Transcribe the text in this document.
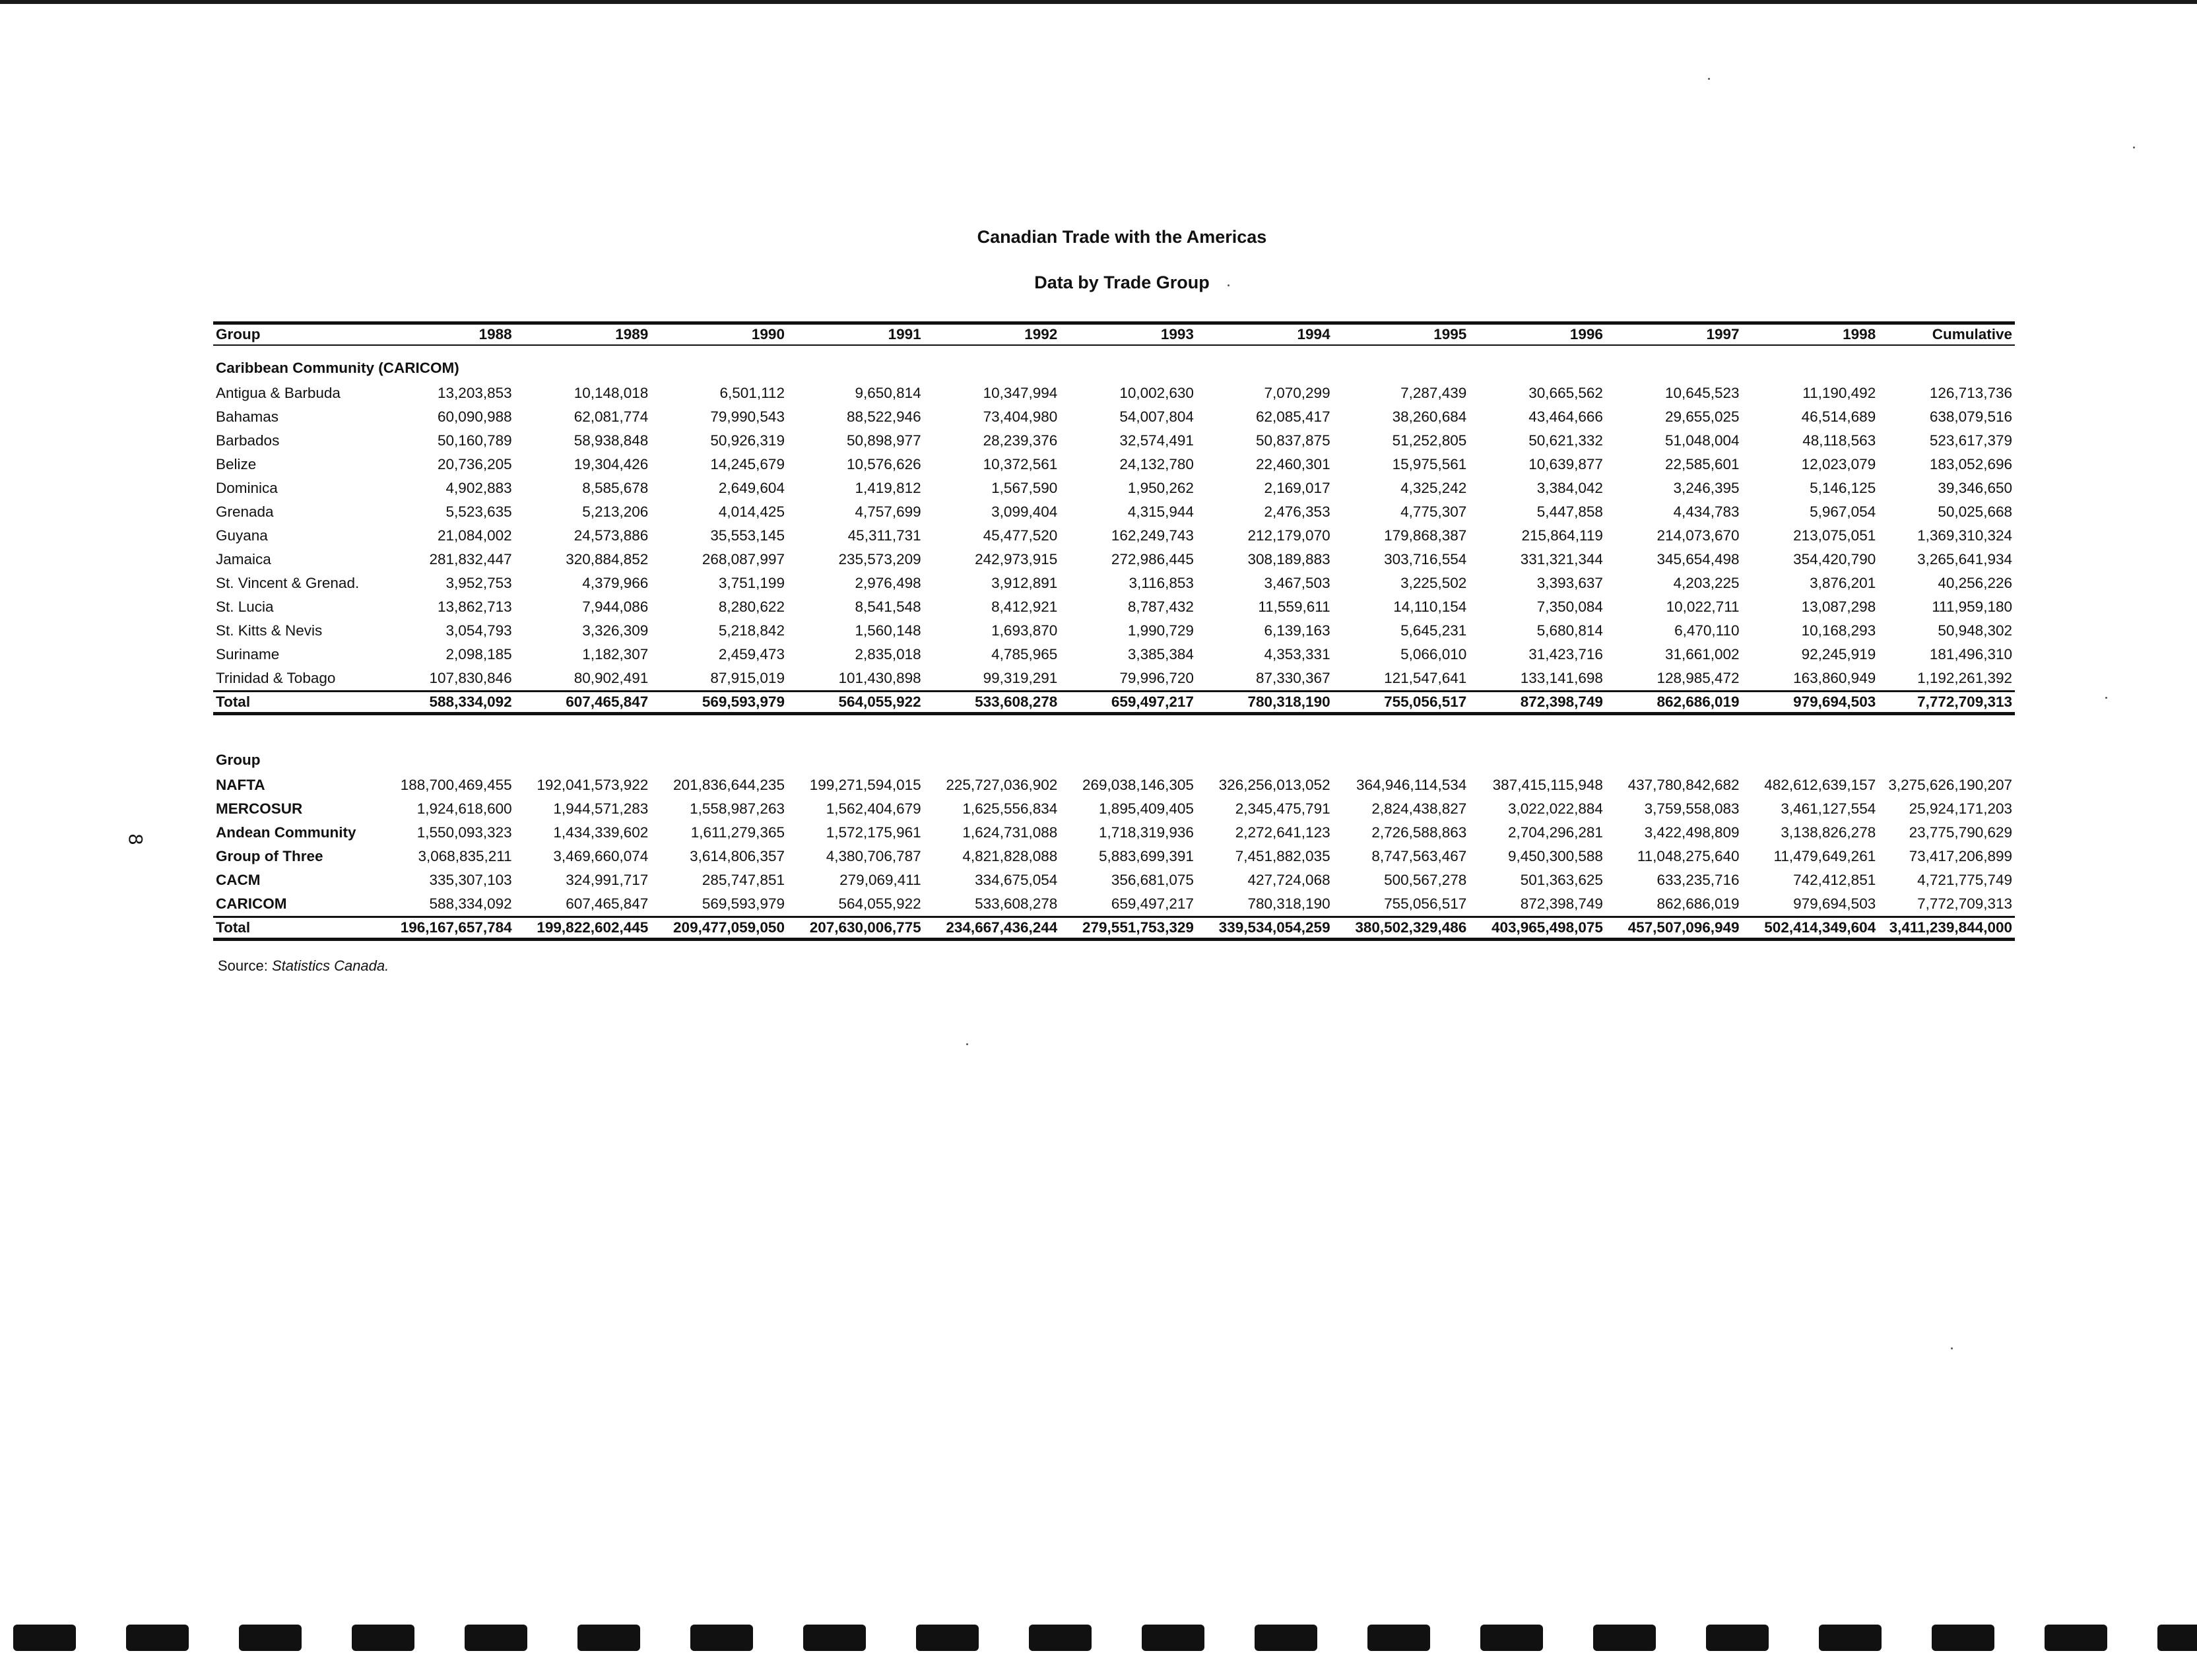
Canadian Trade with the Americas
Data by Trade Group
Group	1988	1989	1990	1991	1992	1993	1994	1995	1996	1997	1998	Cumulative

Caribbean Community (CARICOM)												
Antigua & Barbuda	13,203,853	10,148,018	6,501,112	9,650,814	10,347,994	10,002,630	7,070,299	7,287,439	30,665,562	10,645,523	11,190,492	126,713,736
Bahamas	60,090,988	62,081,774	79,990,543	88,522,946	73,404,980	54,007,804	62,085,417	38,260,684	43,464,666	29,655,025	46,514,689	638,079,516
Barbados	50,160,789	58,938,848	50,926,319	50,898,977	28,239,376	32,574,491	50,837,875	51,252,805	50,621,332	51,048,004	48,118,563	523,617,379
Belize	20,736,205	19,304,426	14,245,679	10,576,626	10,372,561	24,132,780	22,460,301	15,975,561	10,639,877	22,585,601	12,023,079	183,052,696
Dominica	4,902,883	8,585,678	2,649,604	1,419,812	1,567,590	1,950,262	2,169,017	4,325,242	3,384,042	3,246,395	5,146,125	39,346,650
Grenada	5,523,635	5,213,206	4,014,425	4,757,699	3,099,404	4,315,944	2,476,353	4,775,307	5,447,858	4,434,783	5,967,054	50,025,668
Guyana	21,084,002	24,573,886	35,553,145	45,311,731	45,477,520	162,249,743	212,179,070	179,868,387	215,864,119	214,073,670	213,075,051	1,369,310,324
Jamaica	281,832,447	320,884,852	268,087,997	235,573,209	242,973,915	272,986,445	308,189,883	303,716,554	331,321,344	345,654,498	354,420,790	3,265,641,934
St. Vincent & Grenad.	3,952,753	4,379,966	3,751,199	2,976,498	3,912,891	3,116,853	3,467,503	3,225,502	3,393,637	4,203,225	3,876,201	40,256,226
St. Lucia	13,862,713	7,944,086	8,280,622	8,541,548	8,412,921	8,787,432	11,559,611	14,110,154	7,350,084	10,022,711	13,087,298	111,959,180
St. Kitts & Nevis	3,054,793	3,326,309	5,218,842	1,560,148	1,693,870	1,990,729	6,139,163	5,645,231	5,680,814	6,470,110	10,168,293	50,948,302
Suriname	2,098,185	1,182,307	2,459,473	2,835,018	4,785,965	3,385,384	4,353,331	5,066,010	31,423,716	31,661,002	92,245,919	181,496,310
Trinidad & Tobago	107,830,846	80,902,491	87,915,019	101,430,898	99,319,291	79,996,720	87,330,367	121,547,641	133,141,698	128,985,472	163,860,949	1,192,261,392
Total	588,334,092	607,465,847	569,593,979	564,055,922	533,608,278	659,497,217	780,318,190	755,056,517	872,398,749	862,686,019	979,694,503	7,772,709,313
Group												
NAFTA	188,700,469,455	192,041,573,922	201,836,644,235	199,271,594,015	225,727,036,902	269,038,146,305	326,256,013,052	364,946,114,534	387,415,115,948	437,780,842,682	482,612,639,157	3,275,626,190,207
MERCOSUR	1,924,618,600	1,944,571,283	1,558,987,263	1,562,404,679	1,625,556,834	1,895,409,405	2,345,475,791	2,824,438,827	3,022,022,884	3,759,558,083	3,461,127,554	25,924,171,203
Andean Community	1,550,093,323	1,434,339,602	1,611,279,365	1,572,175,961	1,624,731,088	1,718,319,936	2,272,641,123	2,726,588,863	2,704,296,281	3,422,498,809	3,138,826,278	23,775,790,629
Group of Three	3,068,835,211	3,469,660,074	3,614,806,357	4,380,706,787	4,821,828,088	5,883,699,391	7,451,882,035	8,747,563,467	9,450,300,588	11,048,275,640	11,479,649,261	73,417,206,899
CACM	335,307,103	324,991,717	285,747,851	279,069,411	334,675,054	356,681,075	427,724,068	500,567,278	501,363,625	633,235,716	742,412,851	4,721,775,749
CARICOM	588,334,092	607,465,847	569,593,979	564,055,922	533,608,278	659,497,217	780,318,190	755,056,517	872,398,749	862,686,019	979,694,503	7,772,709,313
Total	196,167,657,784	199,822,602,445	209,477,059,050	207,630,006,775	234,667,436,244	279,551,753,329	339,534,054,259	380,502,329,486	403,965,498,075	457,507,096,949	502,414,349,604	3,411,239,844,000
Source: Statistics Canada.
8
